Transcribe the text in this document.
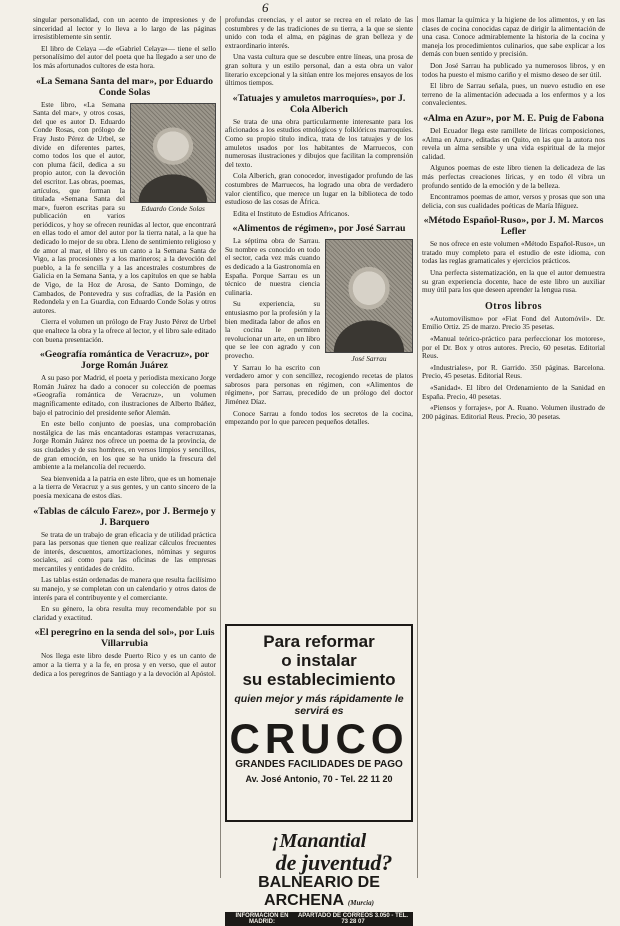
6

singular personalidad, con un acento de impresiones y de sinceridad al lector y lo lleva a lo largo de las páginas irresistiblemente sin sentir.

El libro de Celaya —de «Gabriel Celaya»— tiene el sello personalísimo del autor del poeta que ha llegado a ser uno de los más afortunados cultores de esta hora.

«La Semana Santa del mar», por Eduardo Conde Solas
Eduardo Conde Solas

Este libro, «La Semana Santa del mar», y otros cosas, del que es autor D. Eduardo Conde Rosas, con prólogo de Fray Justo Pérez de Urbel, se divide en diferentes partes, como todos los que el autor, con pluma fácil, dedica a su propio autor, con la devoción del escritor. Las obras, poemas, artículos, que forman la titulada «Semana Santa del mar», fueron escritas para su publicación en varios periódicos, y hoy se ofrecen reunidas al lector, que encontrará en ellas todo el amor del autor por la tierra natal, a la que ha dedicado lo mejor de su obra. Lleno de sentimiento religioso y de amor al mar, el libro es un canto a la Semana Santa de Vigo, a las procesiones y a los marineros; a la devoción del pueblo, a la fe sencilla y a las ancestrales costumbres de Galicia en la Semana Santa, y a los capítulos en que se habla de Vigo, de la Hoz de Arosa, de Santo Domingo, de Cambados, de Pontevedra y sus cofradías, de la Pasión en Redondela y en La Guardia, con Eduardo Conde Solas y otros autores.

Cierra el volumen un prólogo de Fray Justo Pérez de Urbel que enaltece la obra y la ofrece al lector, y el libro sale editado con buena presentación.

«Geografía romántica de Veracruz», por Jorge Román Juárez

A su paso por Madrid, el poeta y periodista mexicano Jorge Román Juárez ha dado a conocer su colección de poemas «Geografía romántica de Veracruz», un volumen magníficamente editado, con ilustraciones de Alberto Ibáñez, bajo el patrocinio del presidente señor Alemán.

En este bello conjunto de poesías, una comprobación nostálgica de las más encantadoras estampas veracruzanas, Jorge Román Juárez nos ofrece un poema de la provincia, de sus ciudades y de sus hombres, en versos limpios y sencillos, de gran emoción, en los que se ha unido la frescura del ambiente a la melancolía del recuerdo.

Sea bienvenida a la patria en este libro, que es un homenaje a la tierra de Veracruz y a sus gentes, y un canto sincero de la poesía mexicana de estos días.

«Tablas de cálculo Farez», por J. Bermejo y J. Barquero

Se trata de un trabajo de gran eficacia y de utilidad práctica para las personas que tienen que realizar cálculos frecuentes de interés, descuentos, amortizaciones, nóminas y seguros sociales, así como para las oficinas de las empresas mercantiles y entidades de crédito.

Las tablas están ordenadas de manera que resulta facilísimo su manejo, y se completan con un calendario y otros datos de interés para el contribuyente y el comerciante.

En su género, la obra resulta muy recomendable por su claridad y exactitud.

«El peregrino en la senda del sol», por Luis Villarrubia

Nos llega este libro desde Puerto Rico y es un canto de amor a la tierra y a la fe, en prosa y en verso, que el autor dedica a los peregrinos de Santiago y a la devoción al Apóstol.

profundas creencias, y el autor se recrea en el relato de las costumbres y de las tradiciones de su tierra, a la que se siente unido con toda el alma, en páginas de gran belleza y de extraordinario interés.

Una vasta cultura que se descubre entre líneas, una prosa de gran soltura y un estilo personal, dan a esta obra un valor literario excepcional y la sitúan entre los mejores ensayos de los últimos tiempos.

«Tatuajes y amuletos marroquíes», por J. Cola Alberich

Se trata de una obra particularmente interesante para los aficionados a los estudios etnológicos y folklóricos marroquíes. Como su propio título indica, trata de los tatuajes y de los amuletos usados por los habitantes de Marruecos, con numerosas ilustraciones y dibujos que facilitan la comprensión del texto.

Cola Alberich, gran conocedor, investigador profundo de las costumbres de Marruecos, ha logrado una obra de verdadero valor científico, que merece un lugar en la biblioteca de todo estudioso de las cosas de África.

Edita el Instituto de Estudios Africanos.

«Alimentos de régimen», por José Sarrau
José Sarrau

La séptima obra de Sarrau. Su nombre es conocido en todo el sector, cada vez más cuando es dedicado a la Gastronomía en España. Porque Sarrau es un técnico de nuestra ciencia culinaria.

Su experiencia, su entusiasmo por la profesión y la bien meditada labor de años en la cocina le permiten revolucionar un arte, en un libro que se lee con agrado y con provecho.

Y Sarrau lo ha escrito con verdadero amor y con sencillez, recogiendo recetas de platos sabrosos para personas en régimen, con «Alimentos de régimen», por Sarrau, precedido de un prólogo del doctor Jiménez Díaz.

Conoce Sarrau a fondo todos los secretos de la cocina, empezando por lo que parecen pequeños detalles.

Para reformar
o instalar
su establecimiento
quien mejor y más rápidamente le servirá es
CRUCO
GRANDES FACILIDADES DE PAGO
Av. José Antonio, 70 - Tel. 22 11 20
¡Manantial
de juventud?
BALNEARIO DE ARCHENA (Murcia)
INFORMACIÓN EN MADRID:
APARTADO DE CORREOS 3.050 - TEL. 73 28 07

mos llamar la química y la higiene de los alimentos, y en las clases de cocina conocidas capaz de dirigir la alimentación de una casa. Conoce admirablemente la historia de la cocina y maneja los procedimientos culinarios, que sabe explicar a los demás con buen sentido y precisión.

Don José Sarrau ha publicado ya numerosos libros, y en todos ha puesto el mismo cariño y el mismo deseo de ser útil.

El libro de Sarrau señala, pues, un nuevo estudio en ese terreno de la alimentación adecuada a los enfermos y a los convalecientes.

«Alma en Azur», por M. E. Puig de Fabona

Del Ecuador llega este ramillete de líricas composiciones, «Alma en Azur», editadas en Quito, en las que la autora nos revela un alma sensible y una vida espiritual de la mejor calidad.

Algunos poemas de este libro tienen la delicadeza de las más perfectas creaciones líricas, y en todo él vibra un profundo sentido de la emoción y de la belleza.

Encontramos poemas de amor, versos y prosas que son una delicia, con sus cualidades poéticas de María Iñiguez.

«Método Español-Ruso», por J. M. Marcos Lefler

Se nos ofrece en este volumen «Método Español-Ruso», un tratado muy completo para el estudio de este idioma, con todas las reglas gramaticales y ejercicios prácticos.

Una perfecta sistematización, en la que el autor demuestra su gran experiencia docente, hace de este libro un auxiliar muy útil para los que deseen aprender la lengua rusa.

Otros libros

«Automovilismo» por «Fiat Fond del Automóvil». Dr. Emilio Ortiz. 25 de marzo. Precio 35 pesetas.

«Manual teórico-práctico para perfeccionar los motores», por el Dr. Box y otros autores. Precio, 60 pesetas. Editorial Reus.

«Industriales», por R. Garrido. 350 páginas. Barcelona. Precio, 45 pesetas. Editorial Reus.

«Sanidad». El libro del Ordenamiento de la Sanidad en España. Precio, 40 pesetas.

«Piensos y forrajes», por A. Ruano. Volumen ilustrado de 200 páginas. Editorial Reus. Precio, 30 pesetas.
